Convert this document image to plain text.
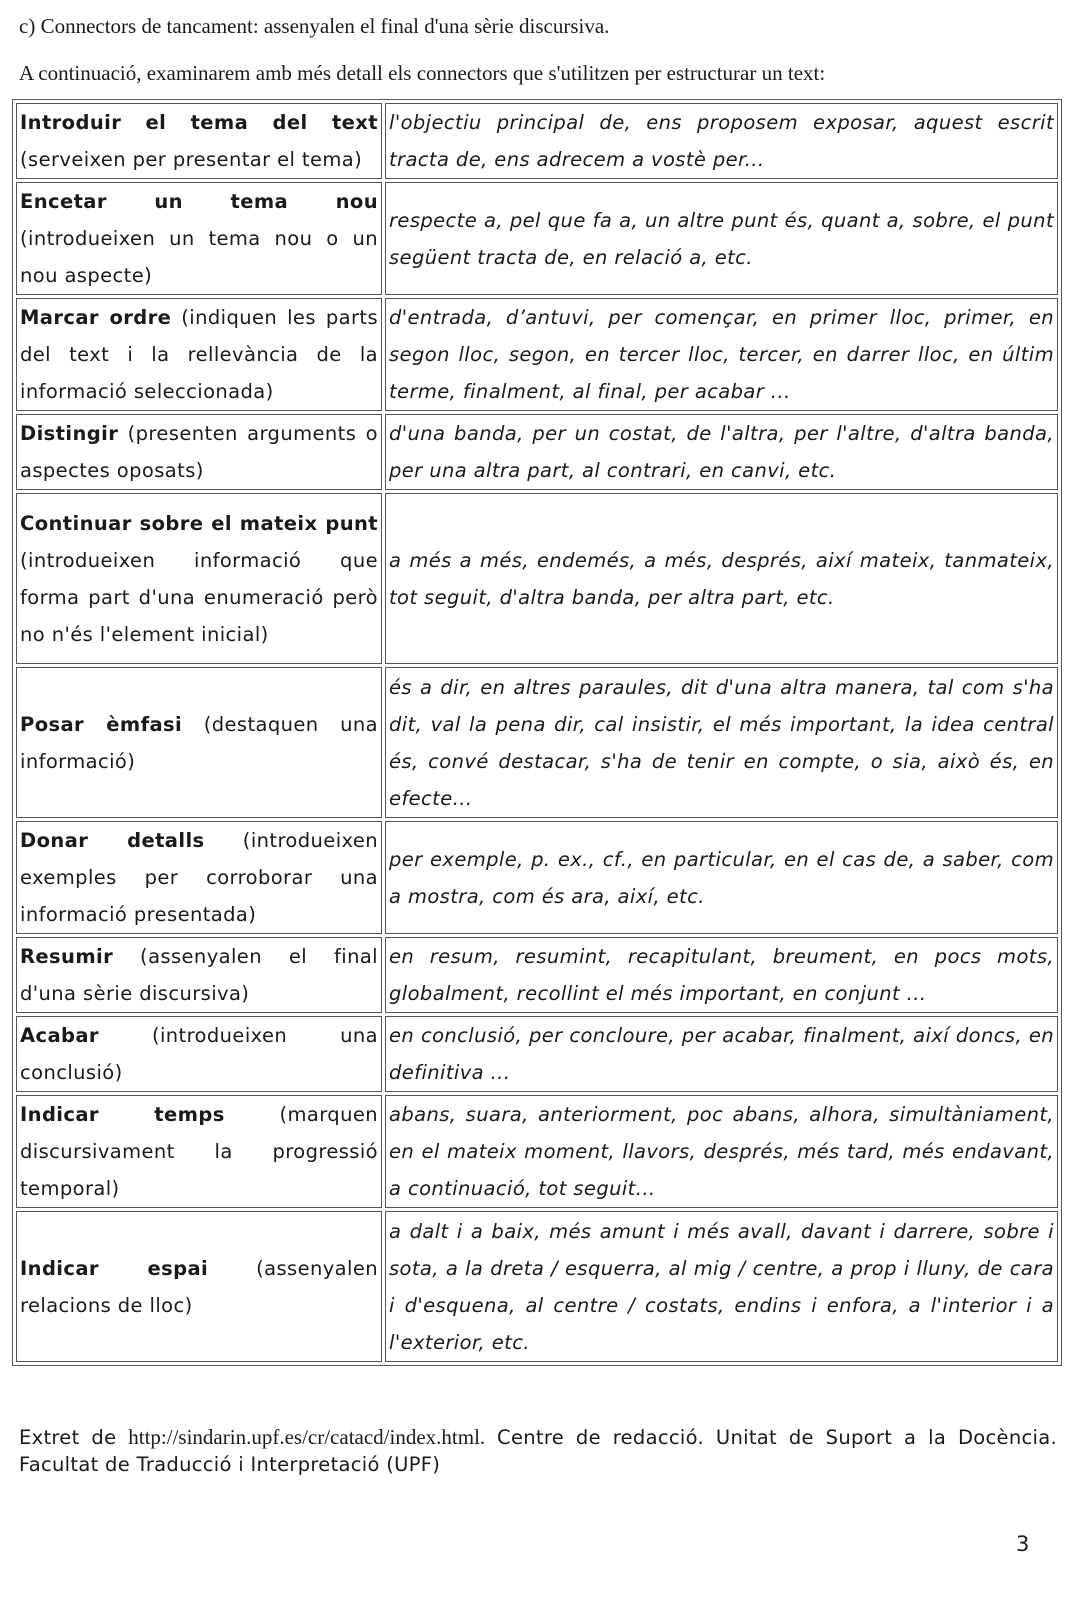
c) Connectors de tancament: assenyalen el final d'una sèrie discursiva.
A continuació, examinarem amb més detall els connectors que s'utilitzen per estructurar un text:
Introduir el tema del text (serveixen per presentar el tema)	l'objectiu principal de, ens proposem exposar, aquest escrit tracta de, ens adrecem a vostè per...
Encetar un tema nou (introdueixen un tema nou o un nou aspecte)	respecte a, pel que fa a, un altre punt és, quant a, sobre, el punt següent tracta de, en relació a, etc.
Marcar ordre (indiquen les parts del text i la rellevància de la informació seleccionada)	d'entrada, d’antuvi, per començar, en primer lloc, primer, en segon lloc, segon, en tercer lloc, tercer, en darrer lloc, en últim terme, finalment, al final, per acabar ...
Distingir (presenten arguments o aspectes oposats)	d'una banda, per un costat, de l'altra, per l'altre, d'altra banda, per una altra part, al contrari, en canvi, etc.
Continuar sobre el mateix punt (introdueixen informació que forma part d'una enumeració però no n'és l'element inicial)	a més a més, endemés, a més, després, així mateix, tanmateix, tot seguit, d'altra banda, per altra part, etc.
Posar èmfasi (destaquen una informació)	és a dir, en altres paraules, dit d'una altra manera, tal com s'ha dit, val la pena dir, cal insistir, el més important, la idea central és, convé destacar, s'ha de tenir en compte, o sia, això és, en efecte...
Donar detalls (introdueixen exemples per corroborar una informació presentada)	per exemple, p. ex., cf., en particular, en el cas de, a saber, com a mostra, com és ara, així, etc.
Resumir (assenyalen el final d'una sèrie discursiva)	en resum, resumint, recapitulant, breument, en pocs mots, globalment, recollint el més important, en conjunt ...
Acabar (introdueixen una conclusió)	en conclusió, per concloure, per acabar, finalment, així doncs, en definitiva ...
Indicar temps (marquen discursivament la progressió temporal)	abans, suara, anteriorment, poc abans, alhora, simultàniament, en el mateix moment, llavors, després, més tard, més endavant, a continuació, tot seguit...
Indicar espai (assenyalen relacions de lloc)	a dalt i a baix, més amunt i més avall, davant i darrere, sobre i sota, a la dreta / esquerra, al mig / centre, a prop i lluny, de cara i d'esquena, al centre / costats, endins i enfora, a l'interior i a l'exterior, etc.
Extret de http://sindarin.upf.es/cr/catacd/index.html. Centre de redacció. Unitat de Suport a la Docència. Facultat de Traducció i Interpretació (UPF)
3
